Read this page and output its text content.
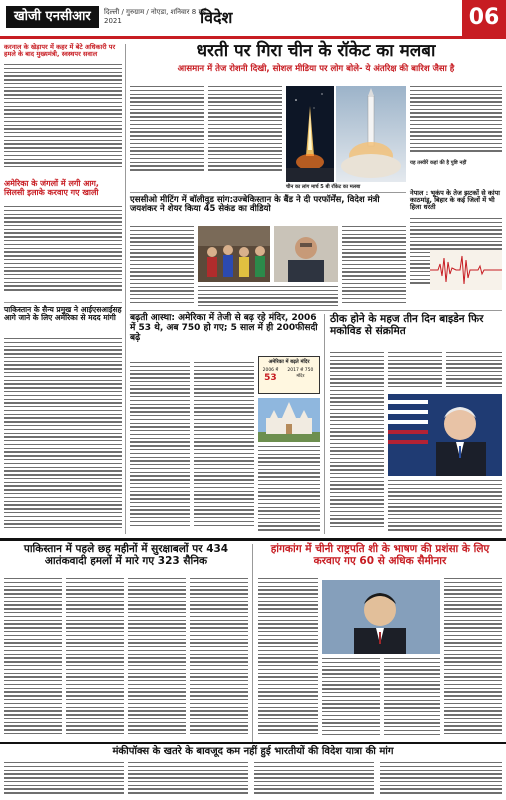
खोजी एनसीआर	दिल्ली / गुरुग्राम / नोएडा, शनिवार 8 मई 2021	विदेश	06
करनाल के खेड़ापर में कहर में बेटे अधिकारी पर हमले के बाद मुख्यमंत्री, स्वस्थपर सवाल
अमेरिका के जंगलों में लगी आग, सिलसी इलाके करवाए गए खाली
पाकिस्तान के सैन्य प्रमुख ने आईएसआईसह आगे जाने के लिए अमेरिका से मदद मांगी
धरती पर गिरा चीन के रॉकेट का मलबा
आसमान में तेज रोशनी दिखी, सोशल मीडिया पर लोग बोले- ये अंतरिक्ष की बारिश जैसा है
चीन का लांग मार्च 5 बी रॉकेट का मलबा
यह तस्वीरें कहां की है पुष्टि नहीं
नेपाल : भूकंप के तेज झटकों से कांपा काठमांडू, बिहार के कई जिलों में भी हिला धरती
एससीओ मीटिंग में बॉलीवुड सांग:उज्बेकिस्तान के बैंड ने दी परफॉर्मेंस, विदेश मंत्री जयशंकर ने शेयर किया 45 सेकंड का वीडियो
बढ़ती आस्था: अमेरिका में तेजी से बढ़ रहे मंदिर, 2006 में 53 थे, अब 750 हो गए; 5 साल में ही 200फीसदी बढ़े
अमेरिका में बढ़ते मंदिर
2006 में
53
2017 से 750 मंदिर
ठीक होने के महज तीन दिन बाइडेन फिर मकोविड से संक्रमित
पाकिस्तान में पहले छह महीनों में सुरक्षाबलों पर 434 आतंकवादी हमलों में मारे गए 323 सैनिक
हांगकांग में चीनी राष्ट्रपति शी के भाषण की प्रशंसा के लिए करवाए गए 60 से अधिक सैमीनार
मंकीपॉक्स के खतरे के बावजूद कम नहीं हुई भारतीयों की विदेश यात्रा की मांग
